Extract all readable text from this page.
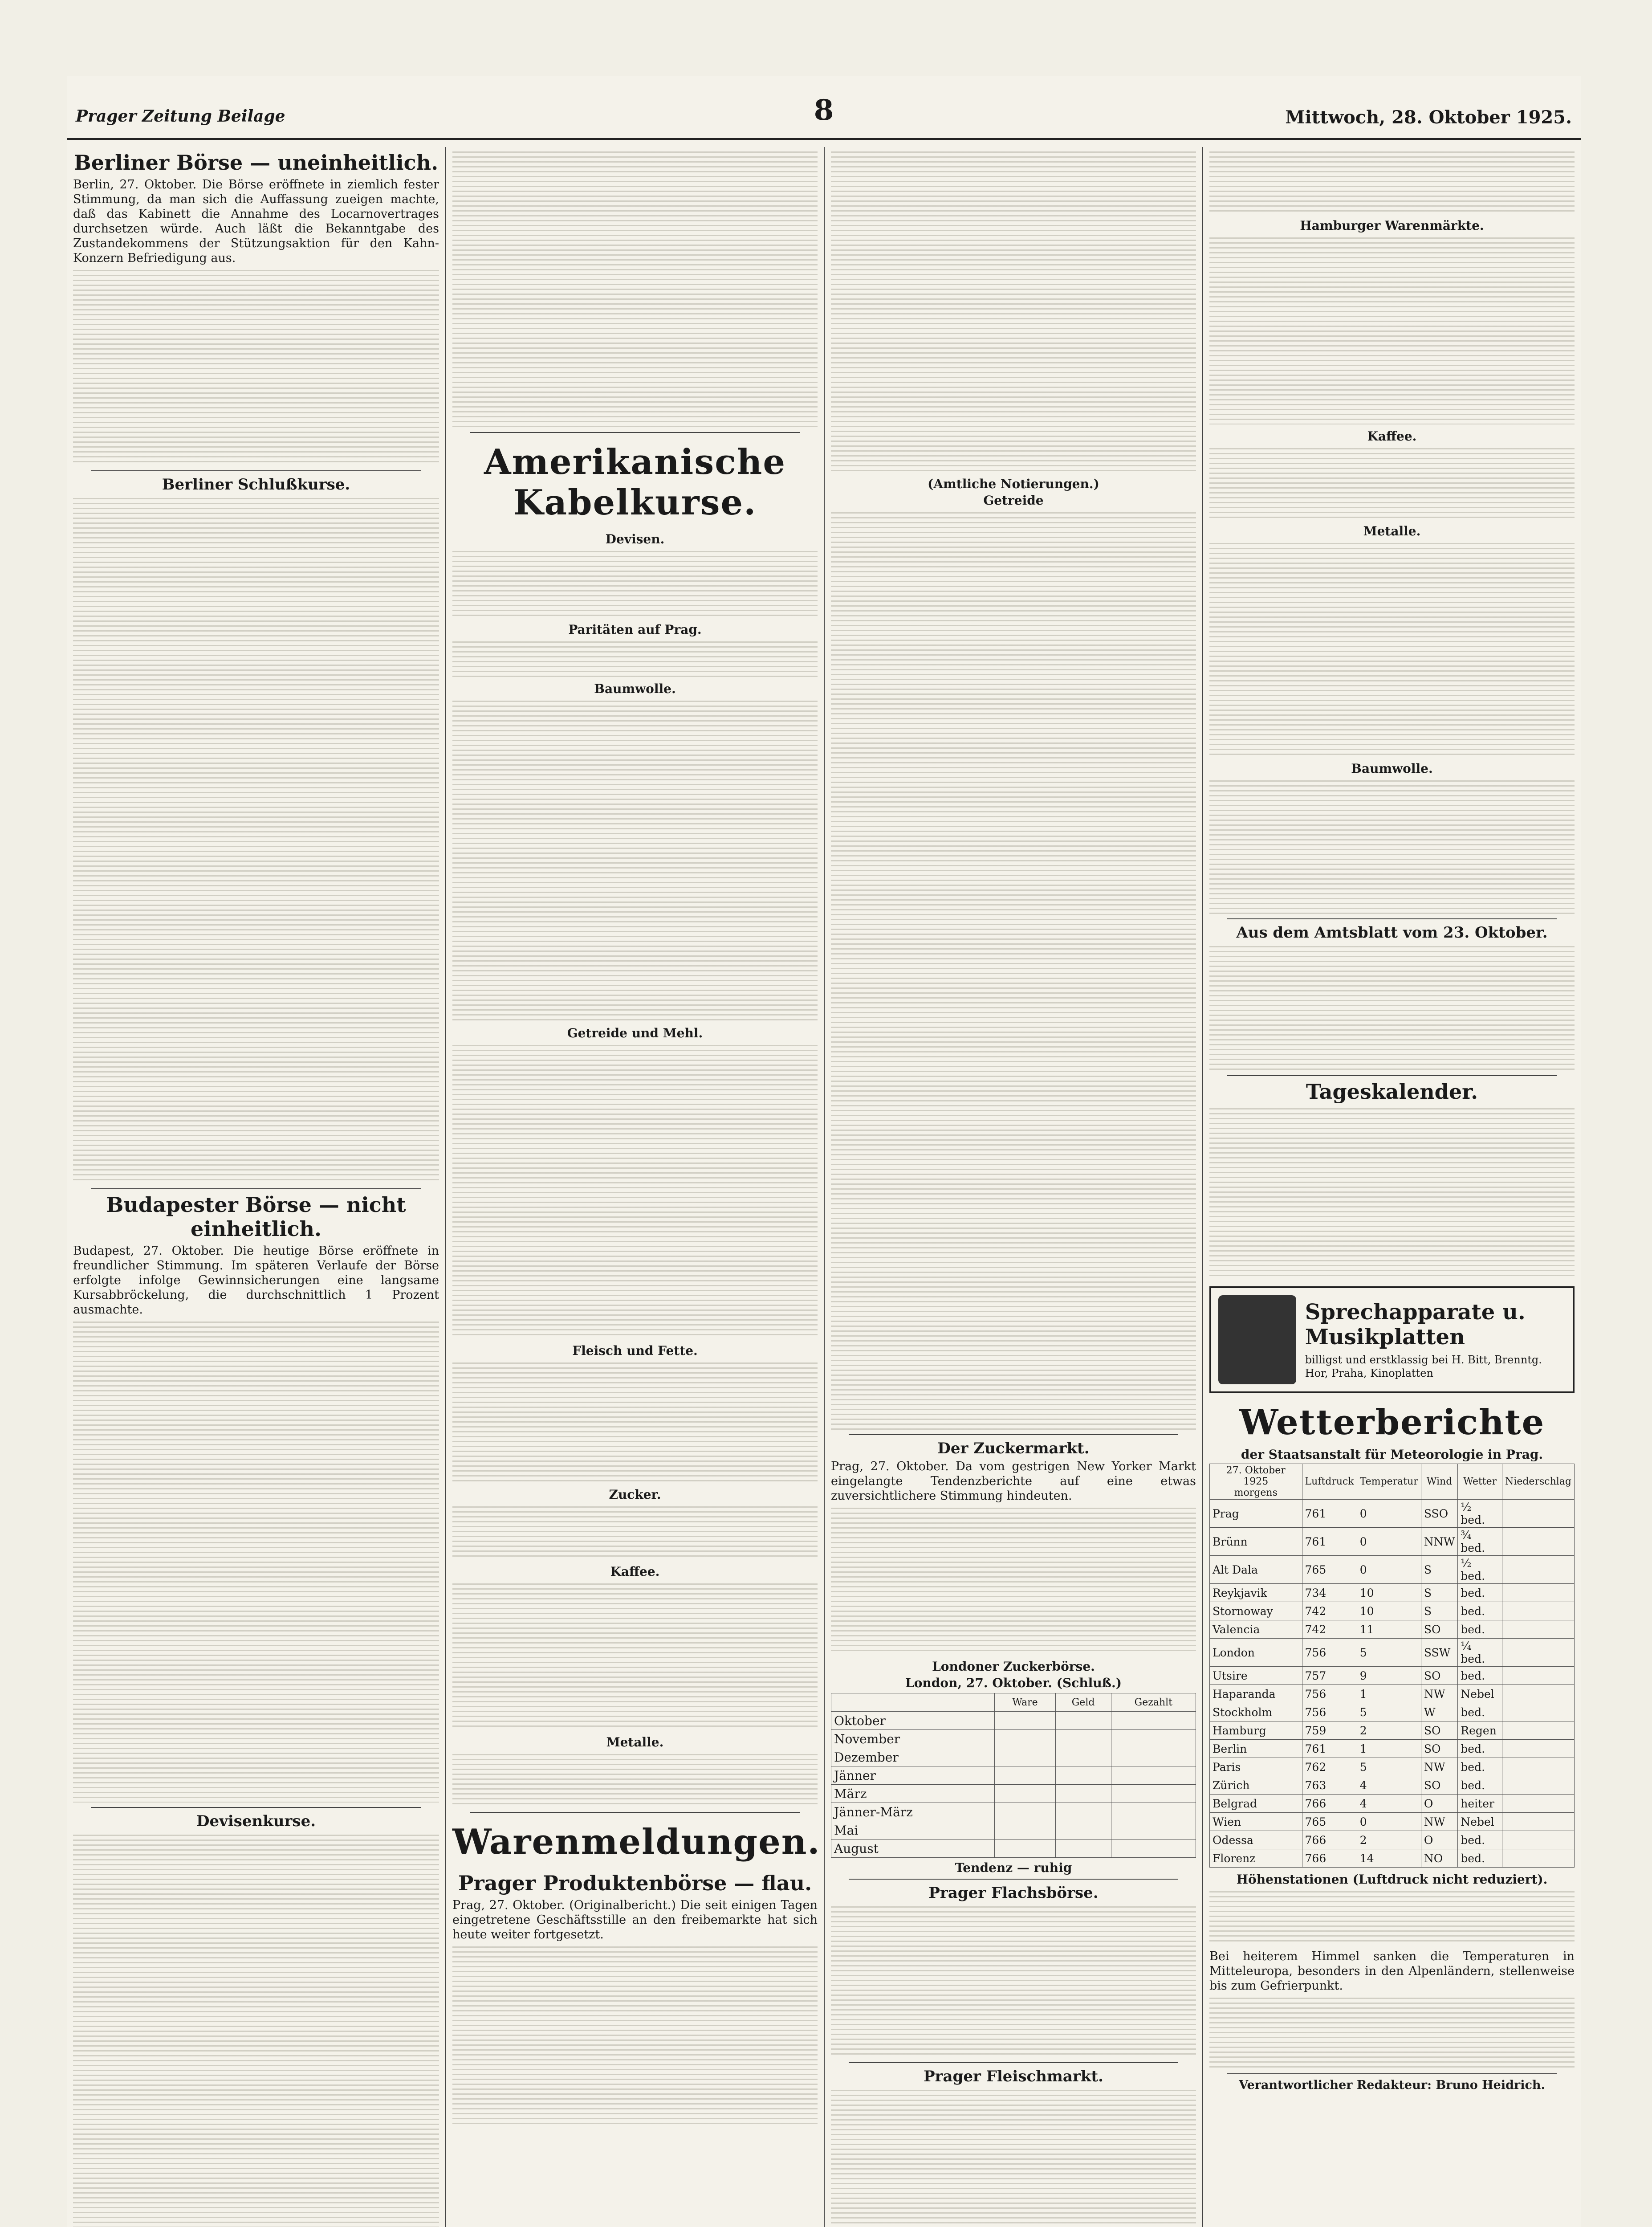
Prager Zeitung Beilage	8	Mittwoch, 28. Oktober 1925.
Berliner Börse — uneinheitlich.

Berlin, 27. Oktober. Die Börse eröffnete in ziemlich fester Stimmung, da man sich die Auffassung zueigen machte, daß das Kabinett die Annahme des Locarnovertrages durchsetzen würde. Auch läßt die Bekanntgabe des Zustandekommens der Stützungsaktion für den Kahn-Konzern Befriedigung aus.

Berliner Schlußkurse.
Budapester Börse — nicht einheitlich.

Budapest, 27. Oktober. Die heutige Börse eröffnete in freundlicher Stimmung. Im späteren Verlaufe der Börse erfolgte infolge Gewinnsicherungen eine langsame Kursabbröckelung, die durchschnittlich 1 Prozent ausmachte.

Devisenkurse.
Amerikanische Kabelkurse.
Devisen.
Paritäten auf Prag.
Baumwolle.
Getreide und Mehl.
Fleisch und Fette.
Zucker.
Kaffee.
Metalle.
Warenmeldungen.
Prager Produktenbörse — flau.

Prag, 27. Oktober. (Originalbericht.) Die seit einigen Tagen eingetretene Geschäftsstille an den freibemarkte hat sich heute weiter fortgesetzt.

(Amtliche Notierungen.)
Getreide
Der Zuckermarkt.

Prag, 27. Oktober. Da vom gestrigen New Yorker Markt eingelangte Tendenzberichte auf eine etwas zuversichtlichere Stimmung hindeuten.

Londoner Zuckerbörse.
London, 27. Oktober. (Schluß.)
	Ware	Geld	Gezahlt
Oktober			
November			
Dezember			
Jänner			
März			
Jänner-März			
Mai			
August			
Tendenz — ruhig
Prager Flachsbörse.
Prager Fleischmarkt.
Hamburger Warenmärkte.
Kaffee.
Metalle.
Baumwolle.
Aus dem Amtsblatt vom 23. Oktober.
Tageskalender.
Sprechapparate u. Musikplatten
billigst und erstklassig bei H. Bitt, Brenntg. Hor, Praha, Kinoplatten
Wetterberichte
der Staatsanstalt für Meteorologie in Prag.
27. Oktober 1925
morgens	Luftdruck	Temperatur	Wind	Wetter	Niederschlag
Prag	761	0	SSO	½ bed.	
Brünn	761	0	NNW	¾ bed.	
Alt Dala	765	0	S	½ bed.	
Reykjavik	734	10	S	bed.	
Stornoway	742	10	S	bed.	
Valencia	742	11	SO	bed.	
London	756	5	SSW	¼ bed.	
Utsire	757	9	SO	bed.	
Haparanda	756	1	NW	Nebel	
Stockholm	756	5	W	bed.	
Hamburg	759	2	SO	Regen	
Berlin	761	1	SO	bed.	
Paris	762	5	NW	bed.	
Zürich	763	4	SO	bed.	
Belgrad	766	4	O	heiter	
Wien	765	0	NW	Nebel	
Odessa	766	2	O	bed.	
Florenz	766	14	NO	bed.	
Höhenstationen (Luftdruck nicht reduziert).

Bei heiterem Himmel sanken die Temperaturen in Mitteleuropa, besonders in den Alpenländern, stellenweise bis zum Gefrierpunkt.

Verantwortlicher Redakteur: Bruno Heidrich.
